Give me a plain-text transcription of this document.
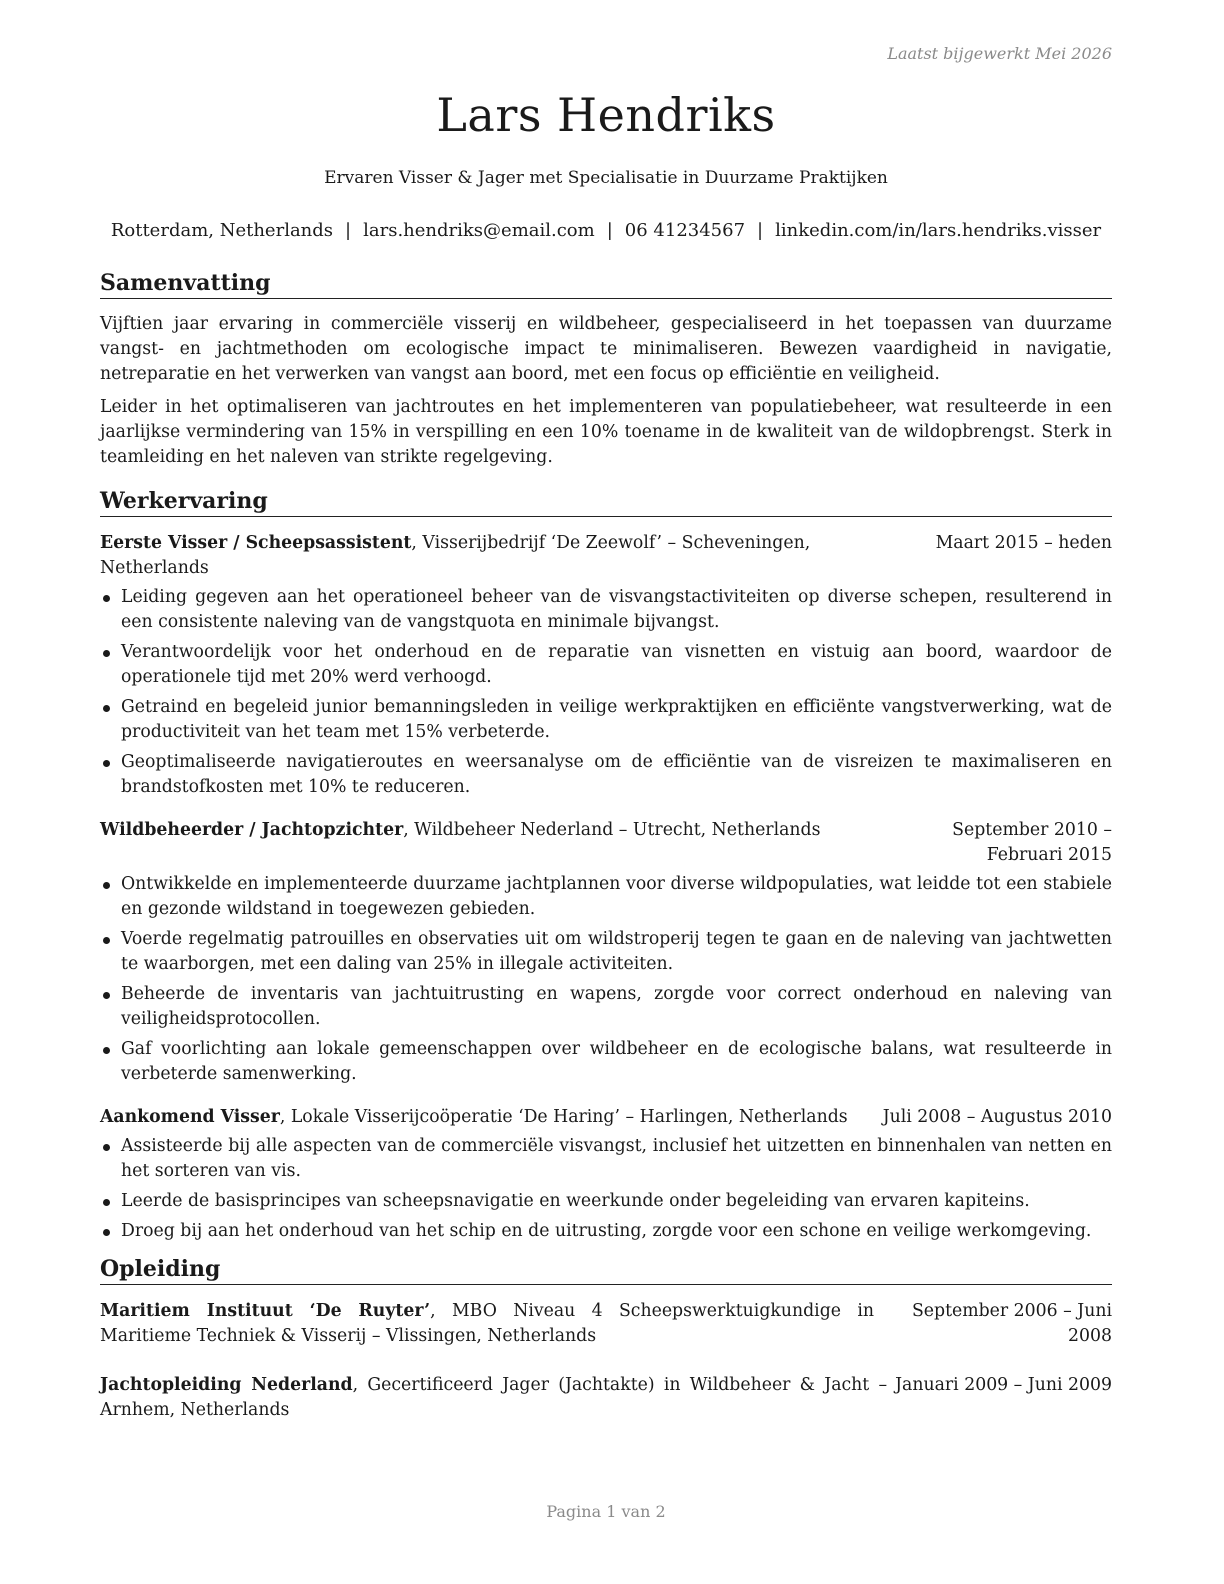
Laatst bijgewerkt Mei 2026
Lars Hendriks
Ervaren Visser & Jager met Specialisatie in Duurzame Praktijken
Rotterdam, Netherlands | lars.hendriks@email.com | 06 41234567 | linkedin.com/in/lars.hendriks.visser
Samenvatting

Vijftien jaar ervaring in commerciële visserij en wildbeheer, gespecialiseerd in het toepassen van duurzame vangst- en jachtmethoden om ecologische impact te minimaliseren. Bewezen vaardigheid in navigatie, netreparatie en het verwerken van vangst aan boord, met een focus op efficiëntie en veiligheid.

Leider in het optimaliseren van jachtroutes en het implementeren van populatiebeheer, wat resulteerde in een jaarlijkse vermindering van 15% in verspilling en een 10% toename in de kwaliteit van de wildopbrengst. Sterk in teamleiding en het naleven van strikte regelgeving.

Werkervaring
Eerste Visser / Scheepsassistent, Visserijbedrijf ‘De Zeewolf’ – Scheveningen, Netherlands
Maart 2015 – heden
Leiding gegeven aan het operationeel beheer van de visvangstactiviteiten op diverse schepen, resulterend in een consistente naleving van de vangstquota en minimale bijvangst.
Verantwoordelijk voor het onderhoud en de reparatie van visnetten en vistuig aan boord, waardoor de operationele tijd met 20% werd verhoogd.
Getraind en begeleid junior bemanningsleden in veilige werkpraktijken en efficiënte vangstverwerking, wat de productiviteit van het team met 15% verbeterde.
Geoptimaliseerde navigatieroutes en weersanalyse om de efficiëntie van de visreizen te maximaliseren en brandstofkosten met 10% te reduceren.
Wildbeheerder / Jachtopzichter, Wildbeheer Nederland – Utrecht, Netherlands	September 2010 – Februari 2015
Ontwikkelde en implementeerde duurzame jachtplannen voor diverse wildpopulaties, wat leidde tot een stabiele en gezonde wildstand in toegewezen gebieden.
Voerde regelmatig patrouilles en observaties uit om wildstroperij tegen te gaan en de naleving van jachtwetten te waarborgen, met een daling van 25% in illegale activiteiten.
Beheerde de inventaris van jachtuitrusting en wapens, zorgde voor correct onderhoud en naleving van veiligheidsprotocollen.
Gaf voorlichting aan lokale gemeenschappen over wildbeheer en de ecologische balans, wat resulteerde in verbeterde samenwerking.
Aankomend Visser, Lokale Visserijcoöperatie ‘De Haring’ – Harlingen, Netherlands	Juli 2008 – Augustus 2010
Assisteerde bij alle aspecten van de commerciële visvangst, inclusief het uitzetten en binnenhalen van netten en het sorteren van vis.
Leerde de basisprincipes van scheepsnavigatie en weerkunde onder begeleiding van ervaren kapiteins.
Droeg bij aan het onderhoud van het schip en de uitrusting, zorgde voor een schone en veilige werkomgeving.
Opleiding
Maritiem Instituut ‘De Ruyter’, MBO Niveau 4 Scheepswerktuigkundige in Maritieme Techniek & Visserij – Vlissingen, Netherlands
September 2006 – Juni 2008
Jachtopleiding Nederland, Gecertificeerd Jager (Jachtakte) in Wildbeheer & Jacht – Arnhem, Netherlands
Januari 2009 – Juni 2009
Pagina 1 van 2
